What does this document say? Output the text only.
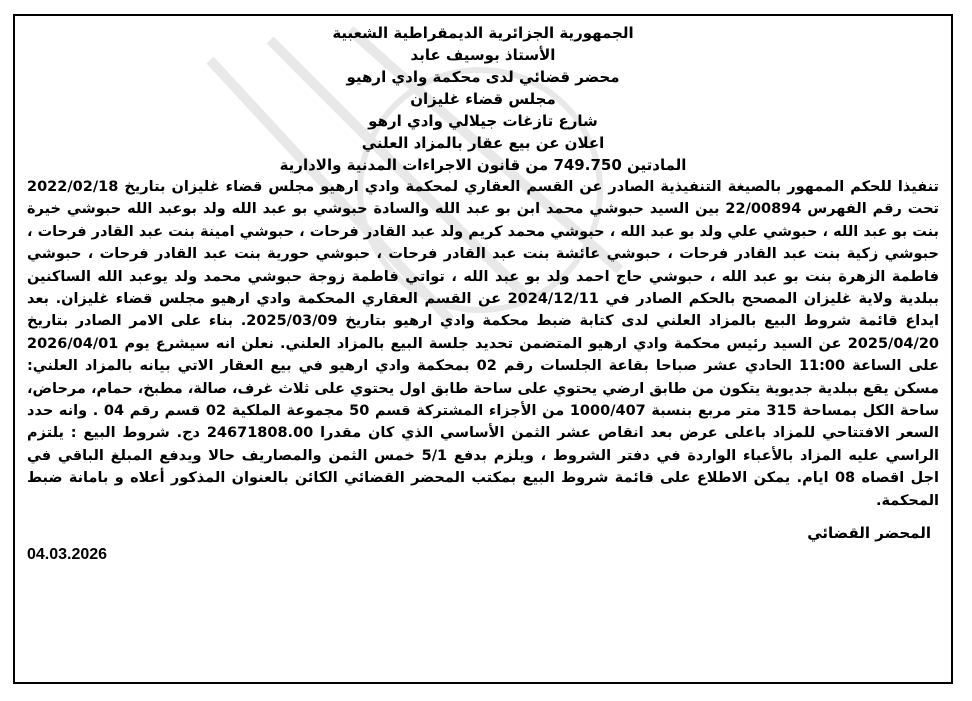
الجمهورية الجزائرية الديمقراطية الشعبية

الأستاذ بوسيف عابد

محضر قضائي لدى محكمة وادي ارهيو

مجلس قضاء غليزان

شارع تازغات جيلالي وادي ارهو

اعلان عن بيع عقار بالمزاد العلني

المادتين 749.750 من قانون الاجراءات المدنية والادارية

تنفيذا للحكم الممهور بالصيغة التنفيذية الصادر عن القسم العقاري لمحكمة وادي ارهيو مجلس قضاء غليزان بتاريخ 2022/02/18 تحت رقم الفهرس 22/00894 بين السيد حبوشي محمد ابن بو عبد الله والسادة حبوشي بو عبد الله ولد بوعبد الله حبوشي خيرة بنت بو عبد الله ، حبوشي علي ولد بو عبد الله ، حبوشي محمد كريم ولد عبد القادر فرحات ، حبوشي امينة بنت عبد القادر فرحات ، حبوشي زكية بنت عبد القادر فرحات ، حبوشي عائشة بنت عبد القادر فرحات ، حبوشي حورية بنت عبد القادر فرحات ، حبوشي فاطمة الزهرة بنت بو عبد الله ، حبوشي حاج احمد ولد بو عبد الله ، تواتي فاطمة زوجة حبوشي محمد ولد يوعبد الله الساكنين ببلدية ولاية غليزان المصحح بالحكم الصادر في 2024/12/11 عن القسم العقاري المحكمة وادي ارهيو مجلس قضاء غليزان. بعد ايداع قائمة شروط البيع بالمزاد العلني لدى كتابة ضبط محكمة وادي ارهيو بتاريخ 2025/03/09. بناء على الامر الصادر بتاريخ 2025/04/20 عن السيد رئيس محكمة وادي ارهيو المتضمن تحديد جلسة البيع بالمزاد العلني. نعلن انه سيشرع يوم 2026/04/01 على الساعة 11:00 الحادي عشر صباحا بقاعة الجلسات رقم 02 بمحكمة وادي ارهيو في بيع العقار الاتي بيانه بالمزاد العلني: مسكن يقع ببلدية جديوية يتكون من طابق ارضي يحتوي على ساحة طابق اول يحتوي على ثلاث غرف، صالة، مطبخ، حمام، مرحاض، ساحة الكل بمساحة 315 متر مربع بنسبة 1000/407 من الأجزاء المشتركة قسم 50 مجموعة الملكية 02 قسم رقم 04 . وانه حدد السعر الافتتاحي للمزاد باعلى عرض بعد انقاص عشر الثمن الأساسي الذي كان مقدرا 24671808.00 دج. شروط البيع : يلتزم الراسي عليه المزاد بالأعباء الواردة في دفتر الشروط ، ويلزم بدفع 5/1 خمس الثمن والمصاريف حالا ويدفع المبلغ الباقي في اجل اقصاه 08 ايام. يمكن الاطلاع على قائمة شروط البيع بمكتب المحضر القضائي الكائن بالعنوان المذكور أعلاه و بامانة ضبط المحكمة.

المحضر القضائي

04.03.2026
